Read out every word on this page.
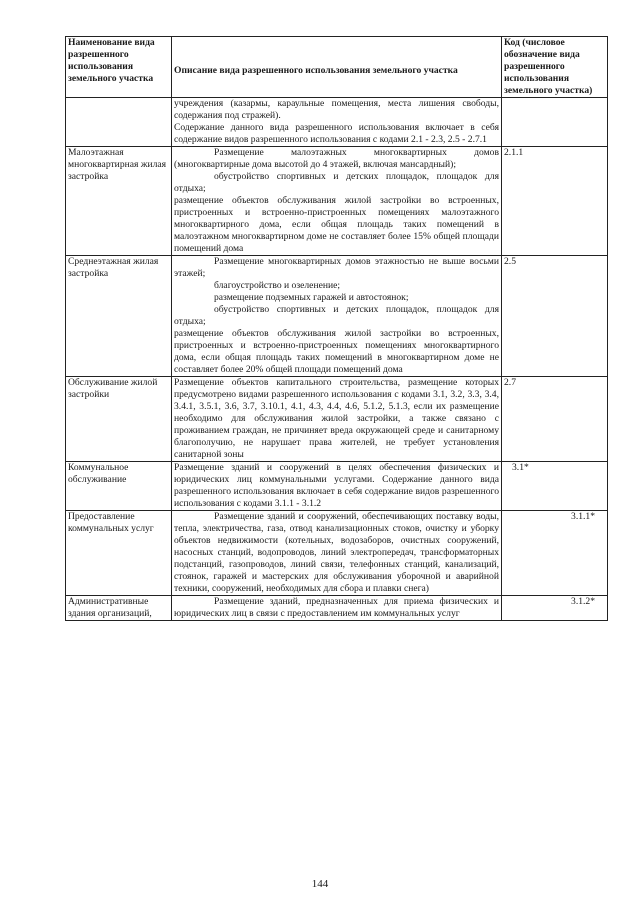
Наименование вида разрешенного использования земельного участка	Описание вида разрешенного использования земельного участка	Код (числовое обозначение вида разрешенного использования земельного участка)

	учреждения (казармы, караульные помещения, места лишения свободы, содержания под стражей).

Содержание данного вида разрешенного использования включает в себя содержание видов разрешенного использования с кодами 2.1 - 2.3, 2.5 - 2.7.1	

Малоэтажная многоквартирная жилая застройка	Размещение малоэтажных многоквартирных домов (многоквартирные дома высотой до 4 этажей, включая мансардный);

обустройство спортивных и детских площадок, площадок для отдыха;

размещение объектов обслуживания жилой застройки во встроенных, пристроенных и встроенно-пристроенных помещениях малоэтажного многоквартирного дома, если общая площадь таких помещений в малоэтажном многоквартирном доме не составляет более 15% общей площади помещений дома	2.1.1
Среднеэтажная жилая застройка	Размещение многоквартирных домов этажностью не выше восьми этажей;

благоустройство и озеленение;

размещение подземных гаражей и автостоянок;

обустройство спортивных и детских площадок, площадок для отдыха;

размещение объектов обслуживания жилой застройки во встроенных, пристроенных и встроенно-пристроенных помещениях многоквартирного дома, если общая площадь таких помещений в многоквартирном доме не составляет более 20% общей площади помещений дома	2.5
Обслуживание жилой застройки	Размещение объектов капитального строительства, размещение которых предусмотрено видами разрешенного использования с кодами 3.1, 3.2, 3.3, 3.4, 3.4.1, 3.5.1, 3.6, 3.7, 3.10.1, 4.1, 4.3, 4.4, 4.6, 5.1.2, 5.1.3, если их размещение необходимо для обслуживания жилой застройки, а также связано с проживанием граждан, не причиняет вреда окружающей среде и санитарному благополучию, не нарушает права жителей, не требует установления санитарной зоны	2.7
Коммунальное обслуживание	Размещение зданий и сооружений в целях обеспечения физических и юридических лиц коммунальными услугами. Содержание данного вида разрешенного использования включает в себя содержание видов разрешенного использования с кодами 3.1.1 - 3.1.2	3.1*
Предоставление коммунальных услуг	Размещение зданий и сооружений, обеспечивающих поставку воды, тепла, электричества, газа, отвод канализационных стоков, очистку и уборку объектов недвижимости (котельных, водозаборов, очистных сооружений, насосных станций, водопроводов, линий электропередач, трансформаторных подстанций, газопроводов, линий связи, телефонных станций, канализаций, стоянок, гаражей и мастерских для обслуживания уборочной и аварийной техники, сооружений, необходимых для сбора и плавки снега)	3.1.1*
Административные здания организаций,	Размещение зданий, предназначенных для приема физических и юридических лиц в связи с предоставлением им коммунальных услуг	3.1.2*
144
